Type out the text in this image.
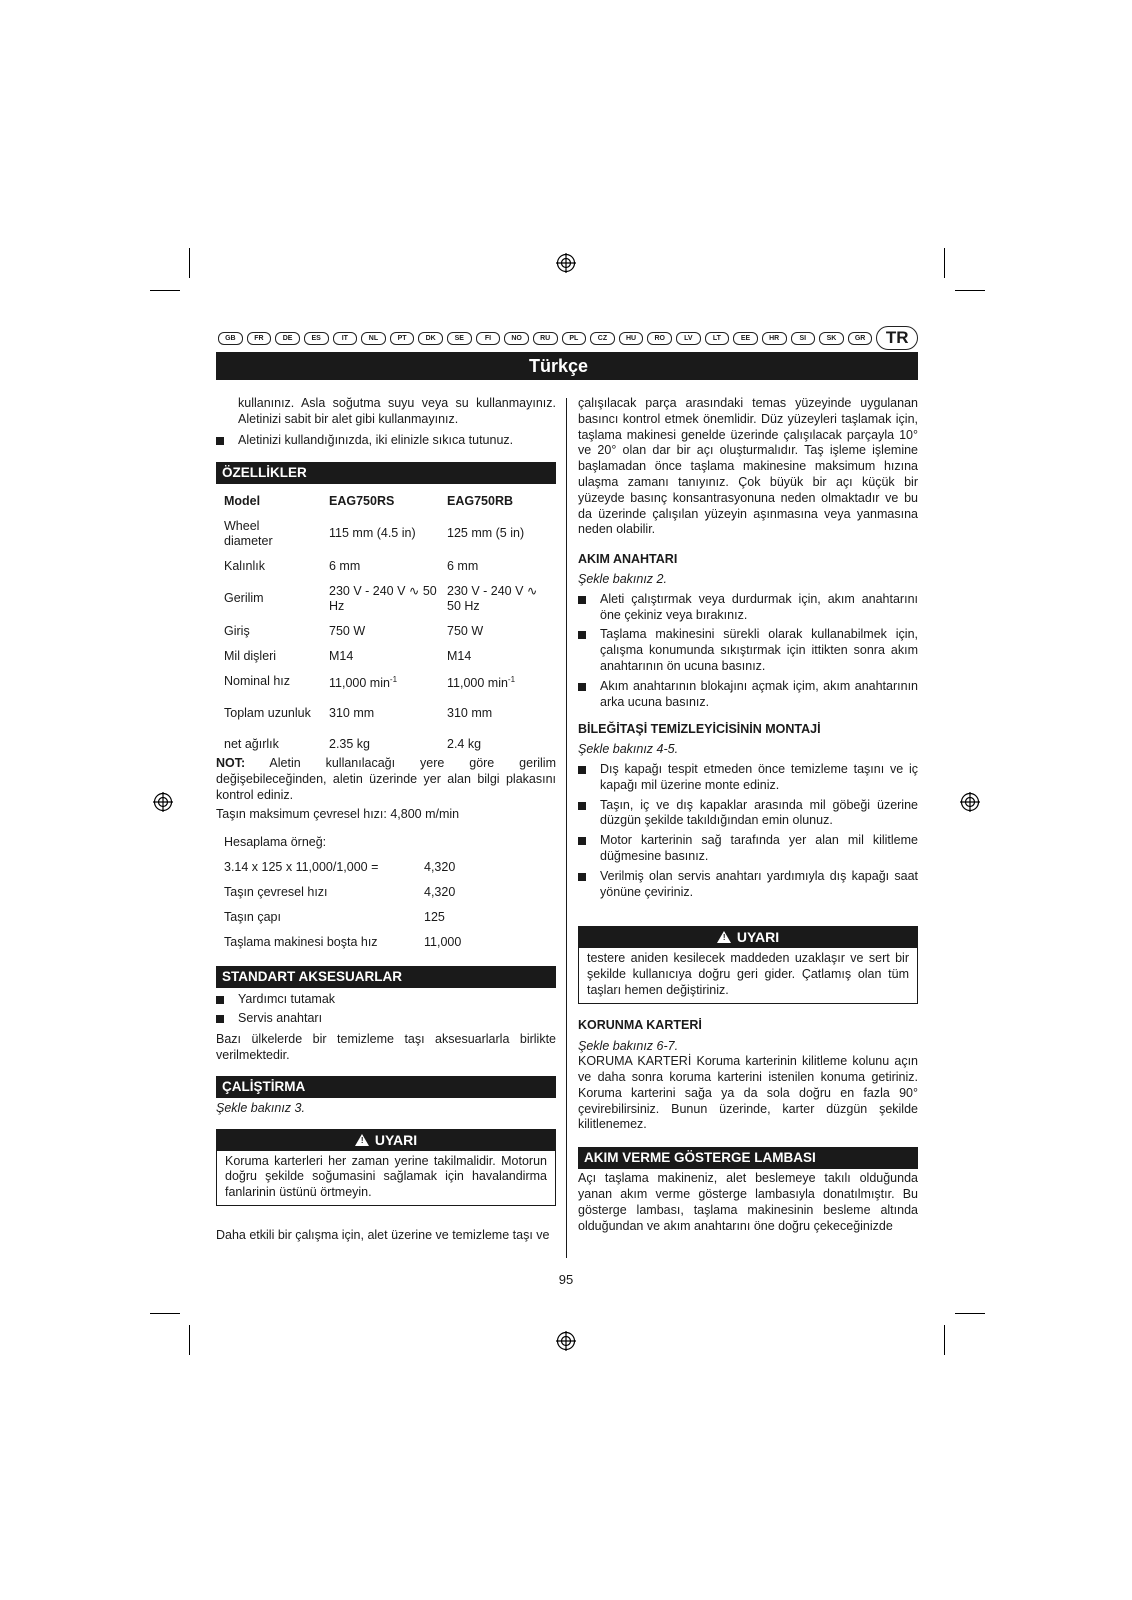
GB	FR	DE	ES	IT	NL	PT	DK	SE	FI	NO	RU	PL	CZ	HU	RO	LV	LT	EE	HR	SI	SK	GR	TR
Türkçe

kullanınız. Asla soğutma suyu veya su kullanmayınız. Aletinizi sabit bir alet gibi kullanmayınız.

Aletinizi kullandığınızda, iki elinizle sıkıca tutunuz.
ÖZELLİKLER
Model	EAG750RS	EAG750RB
Wheel diameter	115 mm (4.5 in)	125 mm (5 in)
Kalınlık	6 mm	6 mm
Gerilim	230 V - 240 V ∿ 50 Hz	230 V - 240 V ∿ 50 Hz
Giriş	750 W	750 W
Mil dişleri	M14	M14
Nominal hız	11,000 $\min^{-1}$	11,000 $\min^{-1}$
Toplam uzunluk	310 mm	310 mm
net ağırlık	2.35 kg	2.4 kg

NOT: Aletin kullanılacağı yere göre gerilim değişebileceğinden, aletin üzerinde yer alan bilgi plakasını kontrol ediniz.

Taşın maksimum çevresel hızı: 4,800 m/min

Hesaplama örneğ:	
3.14 x 125 x 11,000/1,000 =	4,320
Taşın çevresel hızı	4,320
Taşın çapı	125
Taşlama makinesi boşta hız	11,000
STANDART AKSESUARLAR
Yardımcı tutamak
Servis anahtarı

Bazı ülkelerde bir temizleme taşı aksesuarlarla birlikte verilmektedir.

ÇALİŞTİRMA

Şekle bakınız 3.

! UYARI
Koruma karterleri her zaman yerine takilmalidir. Motorun doğru şekilde soğumasini sağlamak için havalandirma fanlarinin üstünü örtmeyin.

Daha etkili bir çalışma için, alet üzerine ve temizleme taşı ve

çalışılacak parça arasındaki temas yüzeyinde uygulanan basıncı kontrol etmek önemlidir. Düz yüzeyleri taşlamak için, taşlama makinesi genelde üzerinde çalışılacak parçayla 10° ve 20° olan dar bir açı oluşturmalıdır. Taş işleme işlemine başlamadan önce taşlama makinesine maksimum hızına ulaşma zamanı tanıyınız. Çok büyük bir açı küçük bir yüzeyde basınç konsantrasyonuna neden olmaktadır ve bu da üzerinde çalışılan yüzeyin aşınmasına veya yanmasına neden olabilir.

AKIM ANAHTARI

Şekle bakınız 2.

Aleti çalıştırmak veya durdurmak için, akım anahtarını öne çekiniz veya bırakınız.
Taşlama makinesini sürekli olarak kullanabilmek için, çalışma konumunda sıkıştırmak için ittikten sonra akım anahtarının ön ucuna basınız.
Akım anahtarının blokajını açmak içim, akım anahtarının arka ucuna basınız.

BİLEĞİTAŞİ TEMİZLEYİCİSİNİN MONTAJİ

Şekle bakınız 4-5.

Dış kapağı tespit etmeden önce temizleme taşını ve iç kapağı mil üzerine monte ediniz.
Taşın, iç ve dış kapaklar arasında mil göbeği üzerine düzgün şekilde takıldığından emin olunuz.
Motor karterinin sağ tarafında yer alan mil kilitleme düğmesine basınız.
Verilmiş olan servis anahtarı yardımıyla dış kapağı saat yönüne çeviriniz.
! UYARI
testere aniden kesilecek maddeden uzaklaşır ve sert bir şekilde kullanıcıya doğru geri gider. Çatlamış olan tüm taşları hemen değiştiriniz.

KORUNMA KARTERİ

Şekle bakınız 6-7.

KORUMA KARTERİ Koruma karterinin kilitleme kolunu açın ve daha sonra koruma karterini istenilen konuma getiriniz. Koruma karterini sağa ya da sola doğru en fazla 90° çevirebilirsiniz. Bunun üzerinde, karter düzgün şekilde kilitlenemez.

AKIM VERME GÖSTERGE LAMBASI

Açı taşlama makineniz, alet beslemeye takılı olduğunda yanan akım verme gösterge lambasıyla donatılmıştır. Bu gösterge lambası, taşlama makinesinin besleme altında olduğundan ve akım anahtarını öne doğru çekeceğinizde

95
